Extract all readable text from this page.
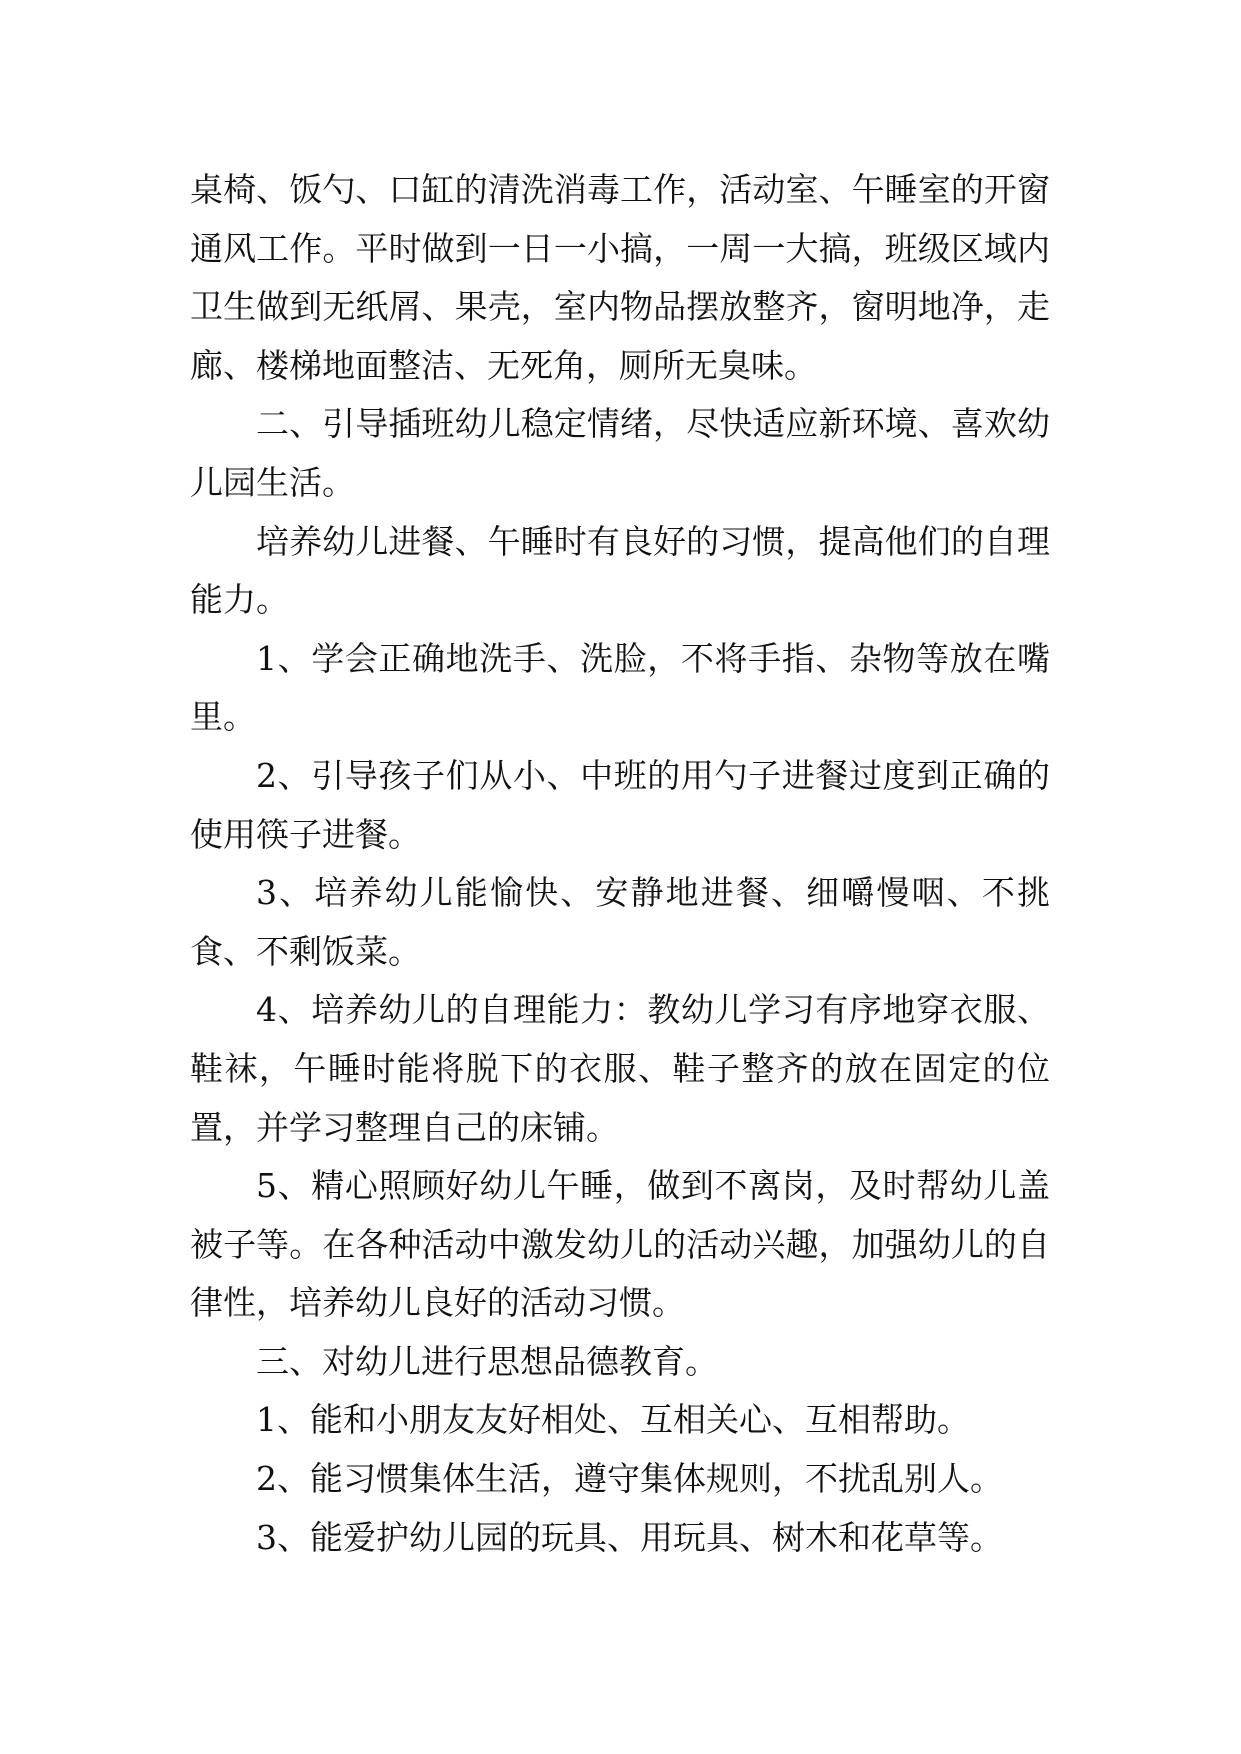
桌椅、饭勺、口缸的清洗消毒工作，活动室、午睡室的开窗通风工作。平时做到一日一小搞，一周一大搞，班级区域内卫生做到无纸屑、果壳，室内物品摆放整齐，窗明地净，走廊、楼梯地面整洁、无死角，厕所无臭味。

二、引导插班幼儿稳定情绪，尽快适应新环境、喜欢幼儿园生活。

培养幼儿进餐、午睡时有良好的习惯，提高他们的自理能力。

1、学会正确地洗手、洗脸，不将手指、杂物等放在嘴里。

2、引导孩子们从小、中班的用勺子进餐过度到正确的使用筷子进餐。

3、培养幼儿能愉快、安静地进餐、细嚼慢咽、不挑食、不剩饭菜。

4、培养幼儿的自理能力：教幼儿学习有序地穿衣服、鞋袜，午睡时能将脱下的衣服、鞋子整齐的放在固定的位置，并学习整理自己的床铺。

5、精心照顾好幼儿午睡，做到不离岗，及时帮幼儿盖被子等。在各种活动中激发幼儿的活动兴趣，加强幼儿的自律性，培养幼儿良好的活动习惯。

三、对幼儿进行思想品德教育。

1、能和小朋友友好相处、互相关心、互相帮助。

2、能习惯集体生活，遵守集体规则，不扰乱别人。

3、能爱护幼儿园的玩具、用玩具、树木和花草等。
